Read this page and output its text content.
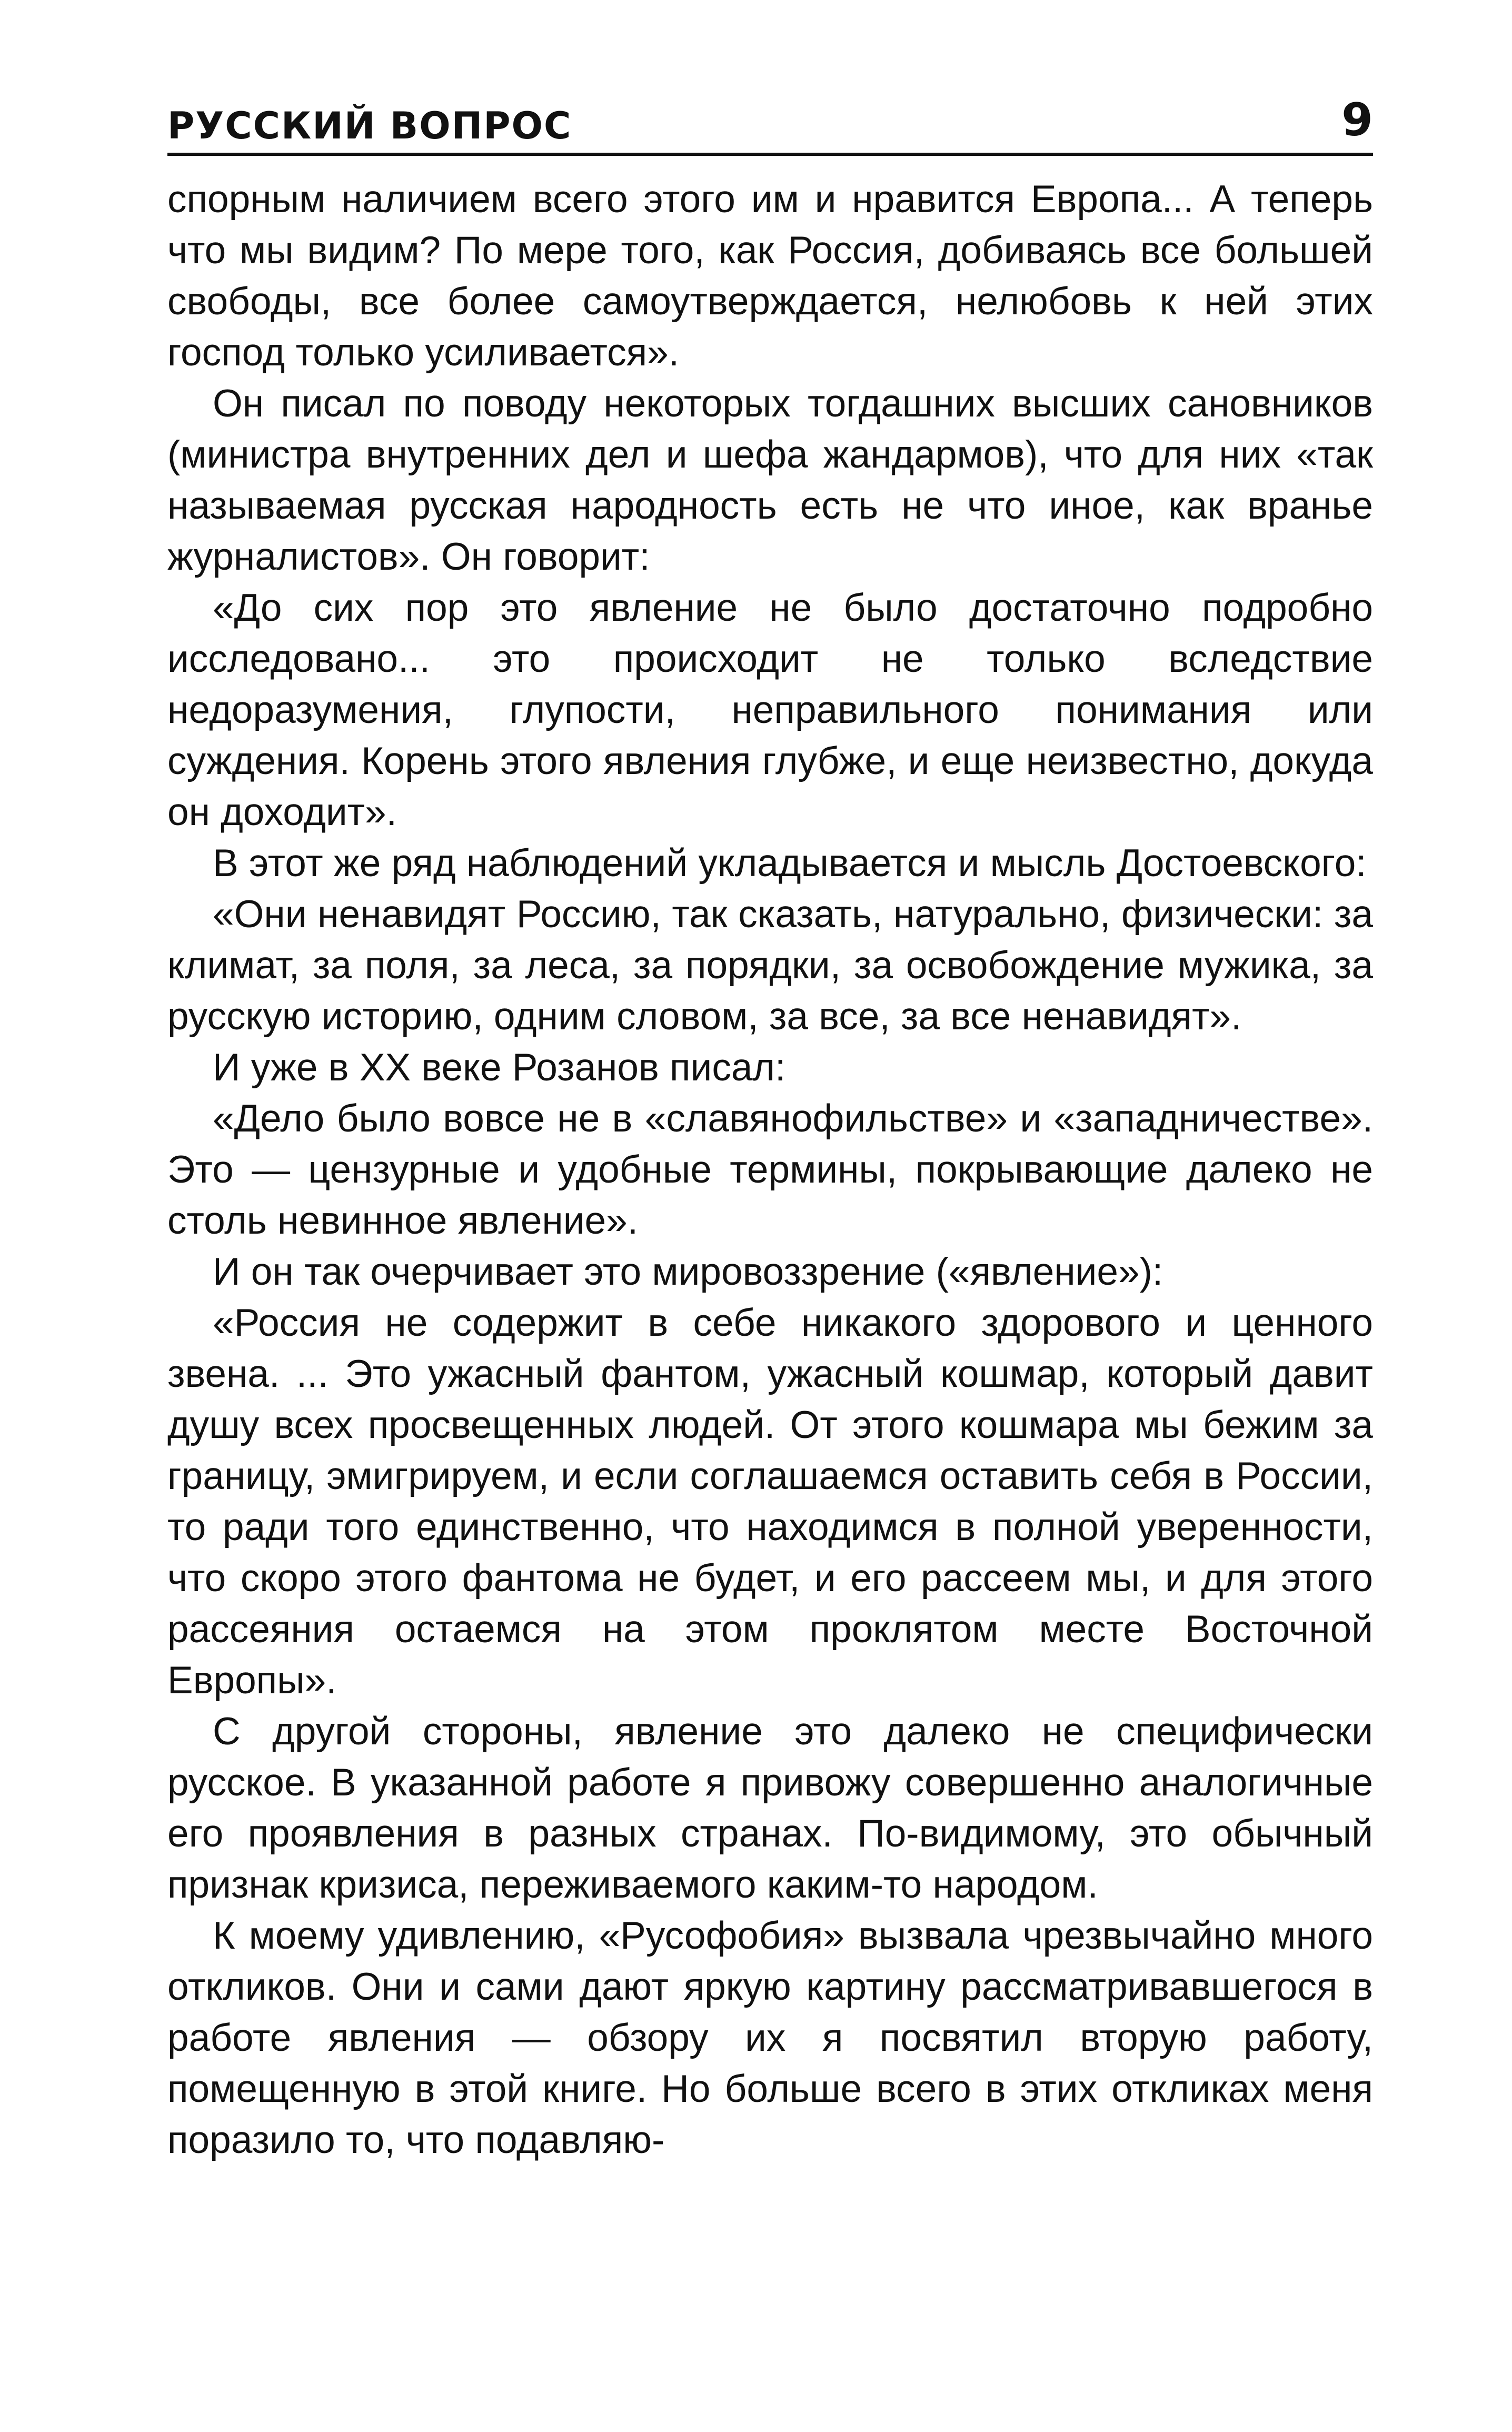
РУССКИЙ ВОПРОС	9

спорным наличием всего этого им и нравится Европа... А теперь что мы видим? По мере того, как Россия, добиваясь все большей свободы, все более самоутверждается, нелюбовь к ней этих господ только усиливается».

Он писал по поводу некоторых тогдашних высших сановников (министра внутренних дел и шефа жандармов), что для них «так называемая русская народность есть не что иное, как вранье журналистов». Он говорит:

«До сих пор это явление не было достаточно подробно исследовано... это происходит не только вследствие недоразумения, глупости, неправильного понимания или суждения. Корень этого явления глубже, и еще неизвестно, докуда он доходит».

В этот же ряд наблюдений укладывается и мысль Достоевского:

«Они ненавидят Россию, так сказать, натурально, физически: за климат, за поля, за леса, за порядки, за освобождение мужика, за русскую историю, одним словом, за все, за все ненавидят».

И уже в XX веке Розанов писал:

«Дело было вовсе не в «славянофильстве» и «западничестве». Это — цензурные и удобные термины, покрывающие далеко не столь невинное явление».

И он так очерчивает это мировоззрение («явление»):

«Россия не содержит в себе никакого здорового и ценного звена. ... Это ужасный фантом, ужасный кошмар, который давит душу всех просвещенных людей. От этого кошмара мы бежим за границу, эмигрируем, и если соглашаемся оставить себя в России, то ради того единственно, что находимся в полной уверенности, что скоро этого фантома не будет, и его рассеем мы, и для этого рассеяния остаемся на этом проклятом месте Восточной Европы».

С другой стороны, явление это далеко не специфически русское. В указанной работе я привожу совершенно аналогичные его проявления в разных странах. По-видимому, это обычный признак кризиса, переживаемого каким-то народом.

К моему удивлению, «Русофобия» вызвала чрезвычайно много откликов. Они и сами дают яркую картину рассматривавшегося в работе явления — обзору их я посвятил вторую работу, помещенную в этой книге. Но больше всего в этих откликах меня поразило то, что подавляю-
